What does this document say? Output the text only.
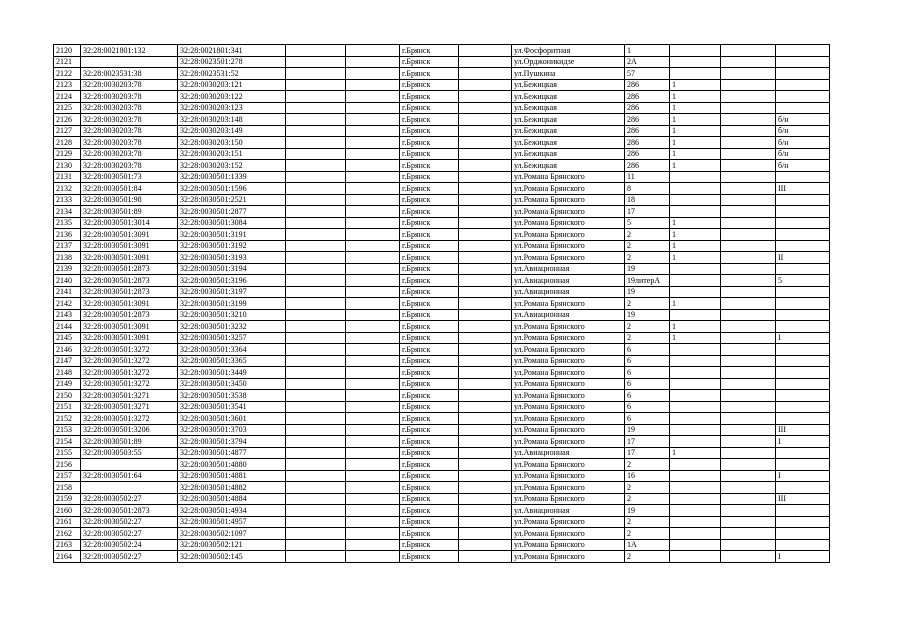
2120	32:28:0021801:132	32:28:0021801:341			г.Брянск		ул.Фосфоритная	1			
2121		32:28:0023501:278			г.Брянск		ул.Орджоникидзе	2А			
2122	32:28:0023531:38	32:28:0023531:52			г.Брянск		ул.Пушкина	57			
2123	32:28:0030203:78	32:28:0030203:121			г.Брянск		ул.Бежицкая	286	1		
2124	32:28:0030203:78	32:28:0030203:122			г.Брянск		ул.Бежицкая	286	1		
2125	32:28:0030203:78	32:28:0030203:123			г.Брянск		ул.Бежицкая	286	1		
2126	32:28:0030203:78	32:28:0030203:148			г.Брянск		ул.Бежицкая	286	1		б/н
2127	32:28:0030203:78	32:28:0030203:149			г.Брянск		ул.Бежицкая	286	1		б/н
2128	32:28:0030203:78	32:28:0030203:150			г.Брянск		ул.Бежицкая	286	1		б/н
2129	32:28:0030203:78	32:28:0030203:151			г.Брянск		ул.Бежицкая	286	1		б/н
2130	32:28:0030203:78	32:28:0030203:152			г.Брянск		ул.Бежицкая	286	1		б/н
2131	32:28:0030501:73	32:28:0030501:1339			г.Брянск		ул.Романа Брянского	11			
2132	32:28:0030501:84	32:28:0030501:1596			г.Брянск		ул.Романа Брянского	8			III
2133	32:28:0030501:98	32:28:0030501:2521			г.Брянск		ул.Романа Брянского	18			
2134	32:28:0030501:89	32:28:0030501:2877			г.Брянск		ул.Романа Брянского	17			
2135	32:28:0030501:3014	32:28:0030501:3084			г.Брянск		ул.Романа Брянского	5	1		
2136	32:28:0030501:3091	32:28:0030501:3191			г.Брянск		ул.Романа Брянского	2	1		
2137	32:28:0030501:3091	32:28:0030501:3192			г.Брянск		ул.Романа Брянского	2	1		
2138	32:28:0030501:3091	32:28:0030501:3193			г.Брянск		ул.Романа Брянского	2	1		II
2139	32:28:0030501:2873	32:28:0030501:3194			г.Брянск		ул.Авиационная	19			
2140	32:28:0030501:2873	32:28:0030501:3196			г.Брянск		ул.Авиационная	19литерА			5
2141	32:28:0030501:2873	32:28:0030501:3197			г.Брянск		ул.Авиационная	19			
2142	32:28:0030501:3091	32:28:0030501:3199			г.Брянск		ул.Романа Брянского	2	1		
2143	32:28:0030501:2873	32:28:0030501:3210			г.Брянск		ул.Авиационная	19			
2144	32:28:0030501:3091	32:28:0030501:3232			г.Брянск		ул.Романа Брянского	2	1		
2145	32:28:0030501:3091	32:28:0030501:3257			г.Брянск		ул.Романа Брянского	2	1		I
2146	32:28:0030501:3272	32:28:0030501:3364			г.Брянск		ул.Романа Брянского	6			
2147	32:28:0030501:3272	32:28:0030501:3365			г.Брянск		ул.Романа Брянского	6			
2148	32:28:0030501:3272	32:28:0030501:3449			г.Брянск		ул.Романа Брянского	6			
2149	32:28:0030501:3272	32:28:0030501:3450			г.Брянск		ул.Романа Брянского	6			
2150	32:28:0030501:3271	32:28:0030501:3538			г.Брянск		ул.Романа Брянского	6			
2151	32:28:0030501:3271	32:28:0030501:3541			г.Брянск		ул.Романа Брянского	6			
2152	32:28:0030501:3272	32:28:0030501:3601			г.Брянск		ул.Романа Брянского	6			
2153	32:28:0030501:3206	32:28:0030501:3703			г.Брянск		ул.Романа Брянского	19			III
2154	32:28:0030501:89	32:28:0030501:3794			г.Брянск		ул.Романа Брянского	17			I
2155	32:28:0030503:55	32:28:0030501:4877			г.Брянск		ул.Авиационная	17	1		
2156		32:28:0030501:4880			г.Брянск		ул.Романа Брянского	2			
2157	32:28:0030501:64	32:28:0030501:4881			г.Брянск		ул.Романа Брянского	16			I
2158		32:28:0030501:4882			г.Брянск		ул.Романа Брянского	2			
2159	32:28:0030502:27	32:28:0030501:4884			г.Брянск		ул.Романа Брянского	2			III
2160	32:28:0030501:2873	32:28:0030501:4934			г.Брянск		ул.Авиационная	19			
2161	32:28:0030502:27	32:28:0030501:4957			г.Брянск		ул.Романа Брянского	2			
2162	32:28:0030502:27	32:28:0030502:1097			г.Брянск		ул.Романа Брянского	2			
2163	32:28:0030502:24	32:28:0030502:121			г.Брянск		ул.Романа Брянского	1А			
2164	32:28:0030502:27	32:28:0030502:145			г.Брянск		ул.Романа Брянского	2			I
